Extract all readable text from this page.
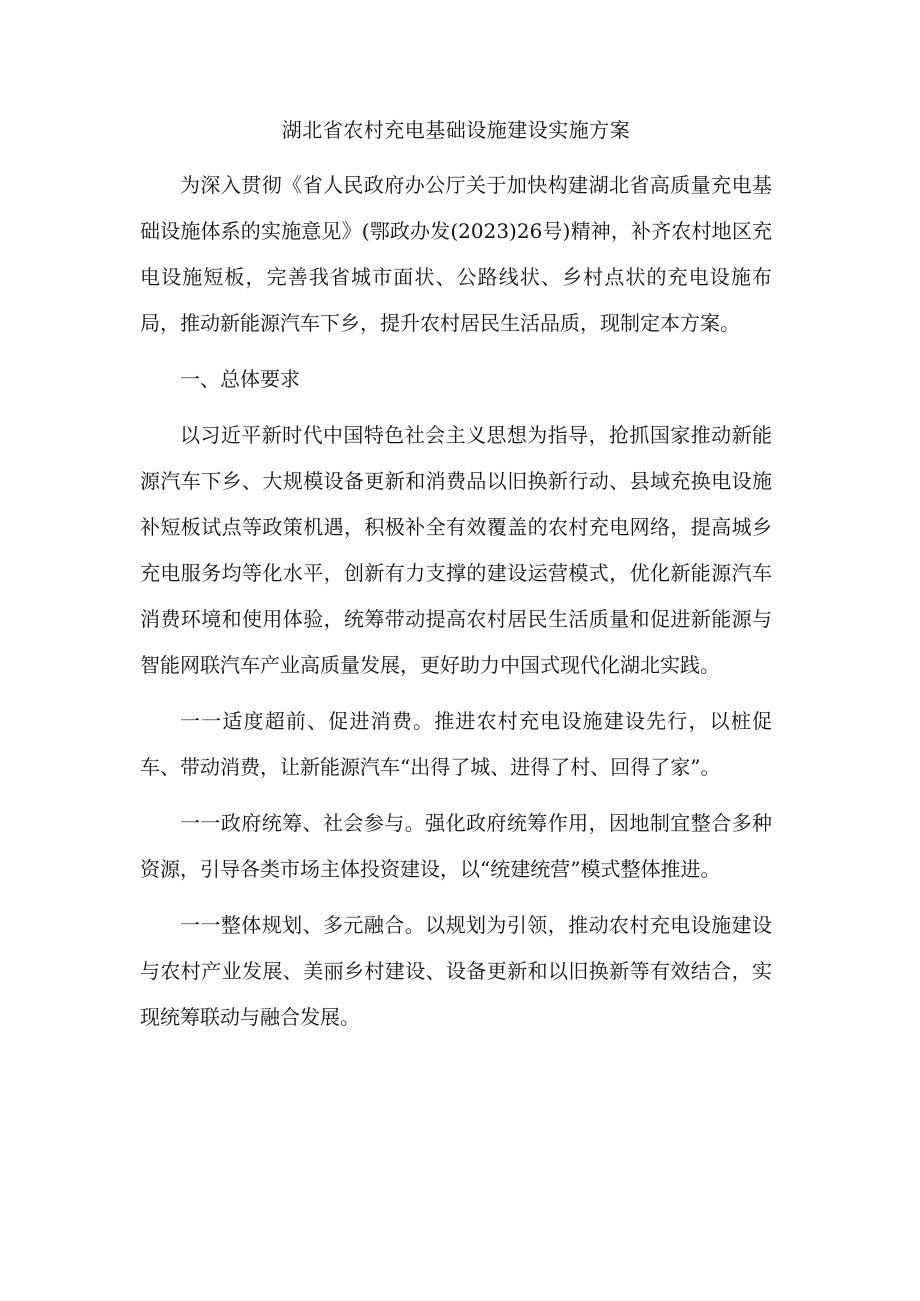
湖北省农村充电基础设施建设实施方案

为深入贯彻《省人民政府办公厅关于加快构建湖北省高质量充电基础设施体系的实施意见》(鄂政办发(2023)26号)精神，补齐农村地区充电设施短板，完善我省城市面状、公路线状、乡村点状的充电设施布局，推动新能源汽车下乡，提升农村居民生活品质，现制定本方案。

一、总体要求

以习近平新时代中国特色社会主义思想为指导，抢抓国家推动新能源汽车下乡、大规模设备更新和消费品以旧换新行动、县域充换电设施补短板试点等政策机遇，积极补全有效覆盖的农村充电网络，提高城乡充电服务均等化水平，创新有力支撑的建设运营模式，优化新能源汽车消费环境和使用体验，统筹带动提高农村居民生活质量和促进新能源与智能网联汽车产业高质量发展，更好助力中国式现代化湖北实践。

一一适度超前、促进消费。推进农村充电设施建设先行，以桩促车、带动消费，让新能源汽车“出得了城、进得了村、回得了家”。

一一政府统筹、社会参与。强化政府统筹作用，因地制宜整合多种资源，引导各类市场主体投资建设，以“统建统营”模式整体推进。

一一整体规划、多元融合。以规划为引领，推动农村充电设施建设与农村产业发展、美丽乡村建设、设备更新和以旧换新等有效结合，实现统筹联动与融合发展。
